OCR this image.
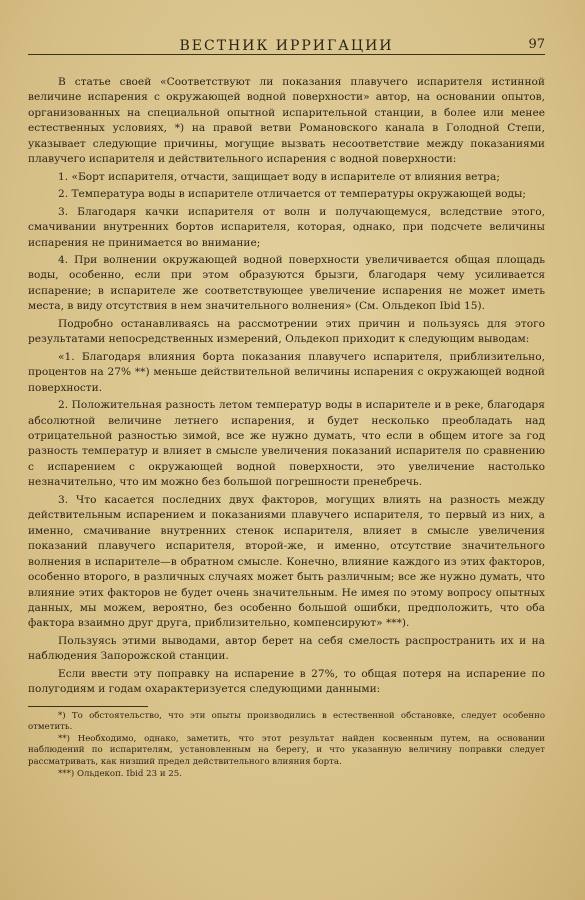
ВЕСТНИК ИРРИГАЦИИ	97

В статье своей «Соответствуют ли показания плавучего испарителя истинной величине испарения с окружающей водной поверхности» автор, на основании опытов, организованных на специальной опытной испарительной станции, в более или менее естественных условиях, *) на правой ветви Романовского канала в Голодной Степи, указывает следующие причины, могущие вызвать несоответствие между показаниями плавучего испарителя и действительного испарения с водной поверхности:

1. «Борт испарителя, отчасти, защищает воду в испарителе от влияния ветра;

2. Температура воды в испарителе отличается от температуры окружающей воды;

3. Благодаря качки испарителя от волн и получающемуся, вследствие этого, смачивании внутренних бортов испарителя, которая, однако, при подсчете величины испарения не принимается во внимание;

4. При волнении окружающей водной поверхности увеличивается общая площадь воды, особенно, если при этом образуются брызги, благодаря чему усиливается испарение; в испарителе же соответствующее увеличение испарения не может иметь места, в виду отсутствия в нем значительного волнения» (См. Ольдекоп Ibid 15).

Подробно останавливаясь на рассмотрении этих причин и пользуясь для этого результатами непосредственных измерений, Ольдекоп приходит к следующим выводам:

«1. Благодаря влияния борта показания плавучего испарителя, приблизительно, процентов на 27% **) меньше действительной величины испарения с окружающей водной поверхности.

2. Положительная разность летом температур воды в испарителе и в реке, благодаря абсолютной величине летнего испарения, и будет несколько преобладать над отрицательной разностью зимой, все же нужно думать, что если в общем итоге за год разность температур и влияет в смысле увеличения показаний испарителя по сравнению с испарением с окружающей водной поверхности, это увеличение настолько незначительно, что им можно без большой погрешности пренебречь.

3. Что касается последних двух факторов, могущих влиять на разность между действительным испарением и показаниями плавучего испарителя, то первый из них, а именно, смачивание внутренних стенок испарителя, влияет в смысле увеличения показаний плавучего испарителя, второй-же, и именно, отсутствие значительного волнения в испарителе—в обратном смысле. Конечно, влияние каждого из этих факторов, особенно второго, в различных случаях может быть различным; все же нужно думать, что влияние этих факторов не будет очень значительным. Не имея по этому вопросу опытных данных, мы можем, вероятно, без особенно большой ошибки, предположить, что оба фактора взаимно друг друга, приблизительно, компенсируют» ***).

Пользуясь этими выводами, автор берет на себя смелость распространить их и на наблюдения Запорожской станции.

Если ввести эту поправку на испарение в 27%, то общая потеря на испарение по полугодиям и годам охарактеризуется следующими данными:

*) То обстоятельство, что эти опыты производились в естественной обстановке, следует особенно отметить.

**) Необходимо, однако, заметить, что этот результат найден косвенным путем, на основании наблюдений по испарителям, установленным на берегу, и что указанную величину поправки следует рассматривать, как низший предел действительного влияния борта.

***) Ольдекоп. Ibid 23 и 25.
